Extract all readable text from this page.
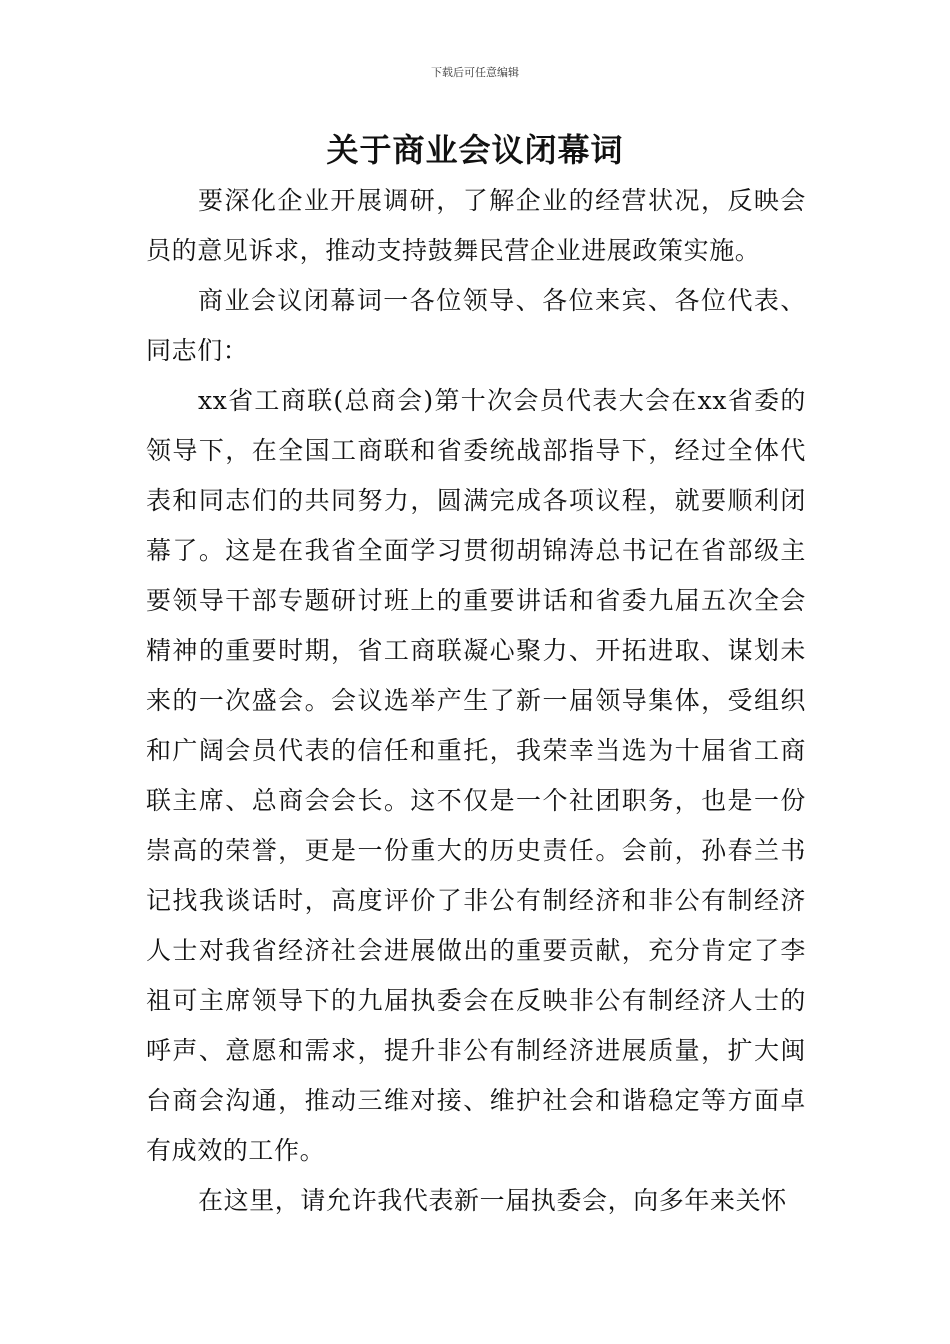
下载后可任意编辑
关于商业会议闭幕词

要深化企业开展调研，了解企业的经营状况，反映会员的意见诉求，推动支持鼓舞民营企业进展政策实施。

商业会议闭幕词一各位领导、各位来宾、各位代表、同志们：

xx省工商联(总商会)第十次会员代表大会在xx省委的领导下，在全国工商联和省委统战部指导下，经过全体代表和同志们的共同努力，圆满完成各项议程，就要顺利闭幕了。这是在我省全面学习贯彻胡锦涛总书记在省部级主要领导干部专题研讨班上的重要讲话和省委九届五次全会精神的重要时期，省工商联凝心聚力、开拓进取、谋划未来的一次盛会。会议选举产生了新一届领导集体，受组织和广阔会员代表的信任和重托，我荣幸当选为十届省工商联主席、总商会会长。这不仅是一个社团职务，也是一份崇高的荣誉，更是一份重大的历史责任。会前，孙春兰书记找我谈话时，高度评价了非公有制经济和非公有制经济人士对我省经济社会进展做出的重要贡献，充分肯定了李祖可主席领导下的九届执委会在反映非公有制经济人士的呼声、意愿和需求，提升非公有制经济进展质量，扩大闽台商会沟通，推动三维对接、维护社会和谐稳定等方面卓有成效的工作。

在这里，请允许我代表新一届执委会，向多年来关怀
